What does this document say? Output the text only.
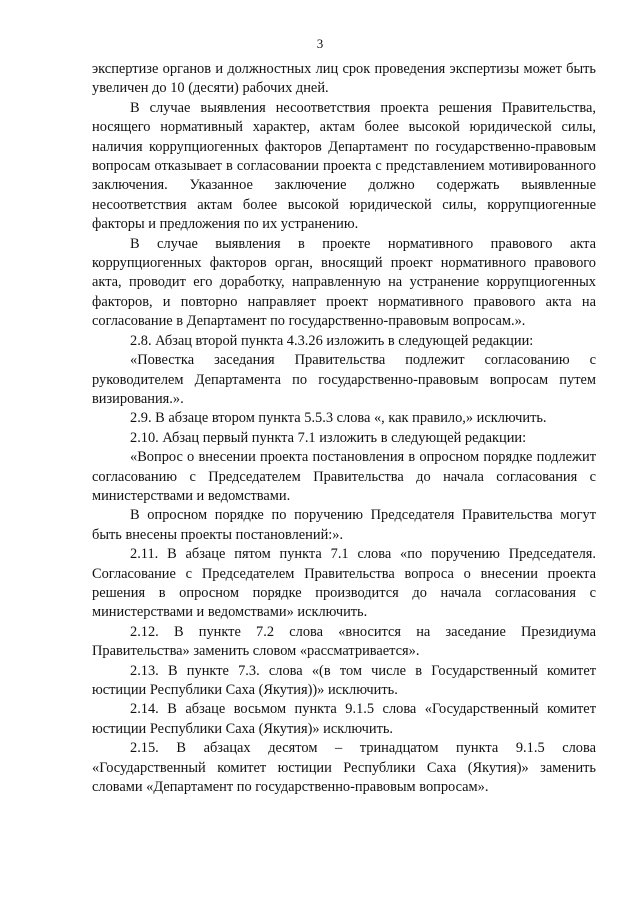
3

экспертизе органов и должностных лиц срок проведения экспертизы может быть увеличен до 10 (десяти) рабочих дней.

В случае выявления несоответствия проекта решения Правительства, носящего нормативный характер, актам более высокой юридической силы, наличия коррупциогенных факторов Департамент по государственно-правовым вопросам отказывает в согласовании проекта с представлением мотивированного заключения. Указанное заключение должно содержать выявленные несоответствия актам более высокой юридической силы, коррупциогенные факторы и предложения по их устранению.

В случае выявления в проекте нормативного правового акта коррупциогенных факторов орган, вносящий проект нормативного правового акта, проводит его доработку, направленную на устранение коррупциогенных факторов, и повторно направляет проект нормативного правового акта на согласование в Департамент по государственно-правовым вопросам.».

2.8. Абзац второй пункта 4.3.26 изложить в следующей редакции:

«Повестка заседания Правительства подлежит согласованию с руководителем Департамента по государственно-правовым вопросам путем визирования.».

2.9. В абзаце втором пункта 5.5.3 слова «, как правило,» исключить.

2.10. Абзац первый пункта 7.1 изложить в следующей редакции:

«Вопрос о внесении проекта постановления в опросном порядке подлежит согласованию с Председателем Правительства до начала согласования с министерствами и ведомствами.

В опросном порядке по поручению Председателя Правительства могут быть внесены проекты постановлений:».

2.11. В абзаце пятом пункта 7.1 слова «по поручению Председателя. Согласование с Председателем Правительства вопроса о внесении проекта решения в опросном порядке производится до начала согласования с министерствами и ведомствами» исключить.

2.12. В пункте 7.2 слова «вносится на заседание Президиума Правительства» заменить словом «рассматривается».

2.13. В пункте 7.3. слова «(в том числе в Государственный комитет юстиции Республики Саха (Якутия))» исключить.

2.14. В абзаце восьмом пункта 9.1.5 слова «Государственный комитет юстиции Республики Саха (Якутия)» исключить.

2.15. В абзацах десятом – тринадцатом пункта 9.1.5 слова «Государственный комитет юстиции Республики Саха (Якутия)» заменить словами «Департамент по государственно-правовым вопросам».
